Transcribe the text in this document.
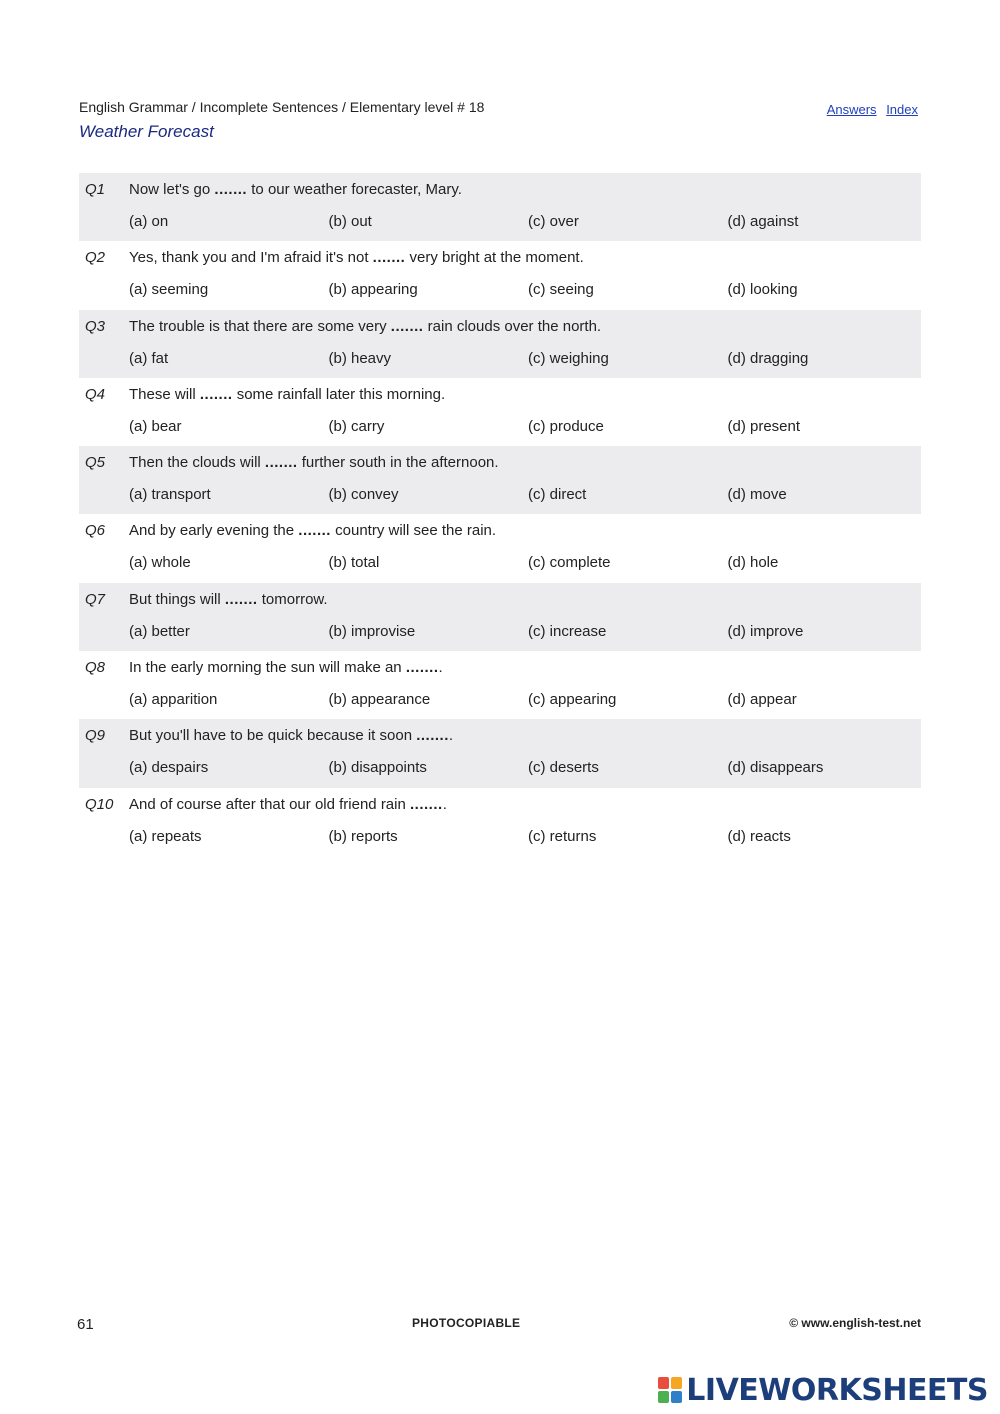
English Grammar / Incomplete Sentences / Elementary level # 18
Weather Forecast
Answers Index
Q1 Now let's go ....... to our weather forecaster, Mary.
(a) on	(b) out	(c) over	(d) against
Q2 Yes, thank you and I'm afraid it's not ....... very bright at the moment.
(a) seeming	(b) appearing	(c) seeing	(d) looking
Q3 The trouble is that there are some very ....... rain clouds over the north.
(a) fat	(b) heavy	(c) weighing	(d) dragging
Q4 These will ....... some rainfall later this morning.
(a) bear	(b) carry	(c) produce	(d) present
Q5 Then the clouds will ....... further south in the afternoon.
(a) transport	(b) convey	(c) direct	(d) move
Q6 And by early evening the ....... country will see the rain.
(a) whole	(b) total	(c) complete	(d) hole
Q7 But things will ....... tomorrow.
(a) better	(b) improvise	(c) increase	(d) improve
Q8 In the early morning the sun will make an ........
(a) apparition	(b) appearance	(c) appearing	(d) appear
Q9 But you'll have to be quick because it soon ........
(a) despairs	(b) disappoints	(c) deserts	(d) disappears
Q10 And of course after that our old friend rain ........
(a) repeats	(b) reports	(c) returns	(d) reacts
61	PHOTOCOPIABLE	© www.english-test.net
LIVEWORKSHEETS
